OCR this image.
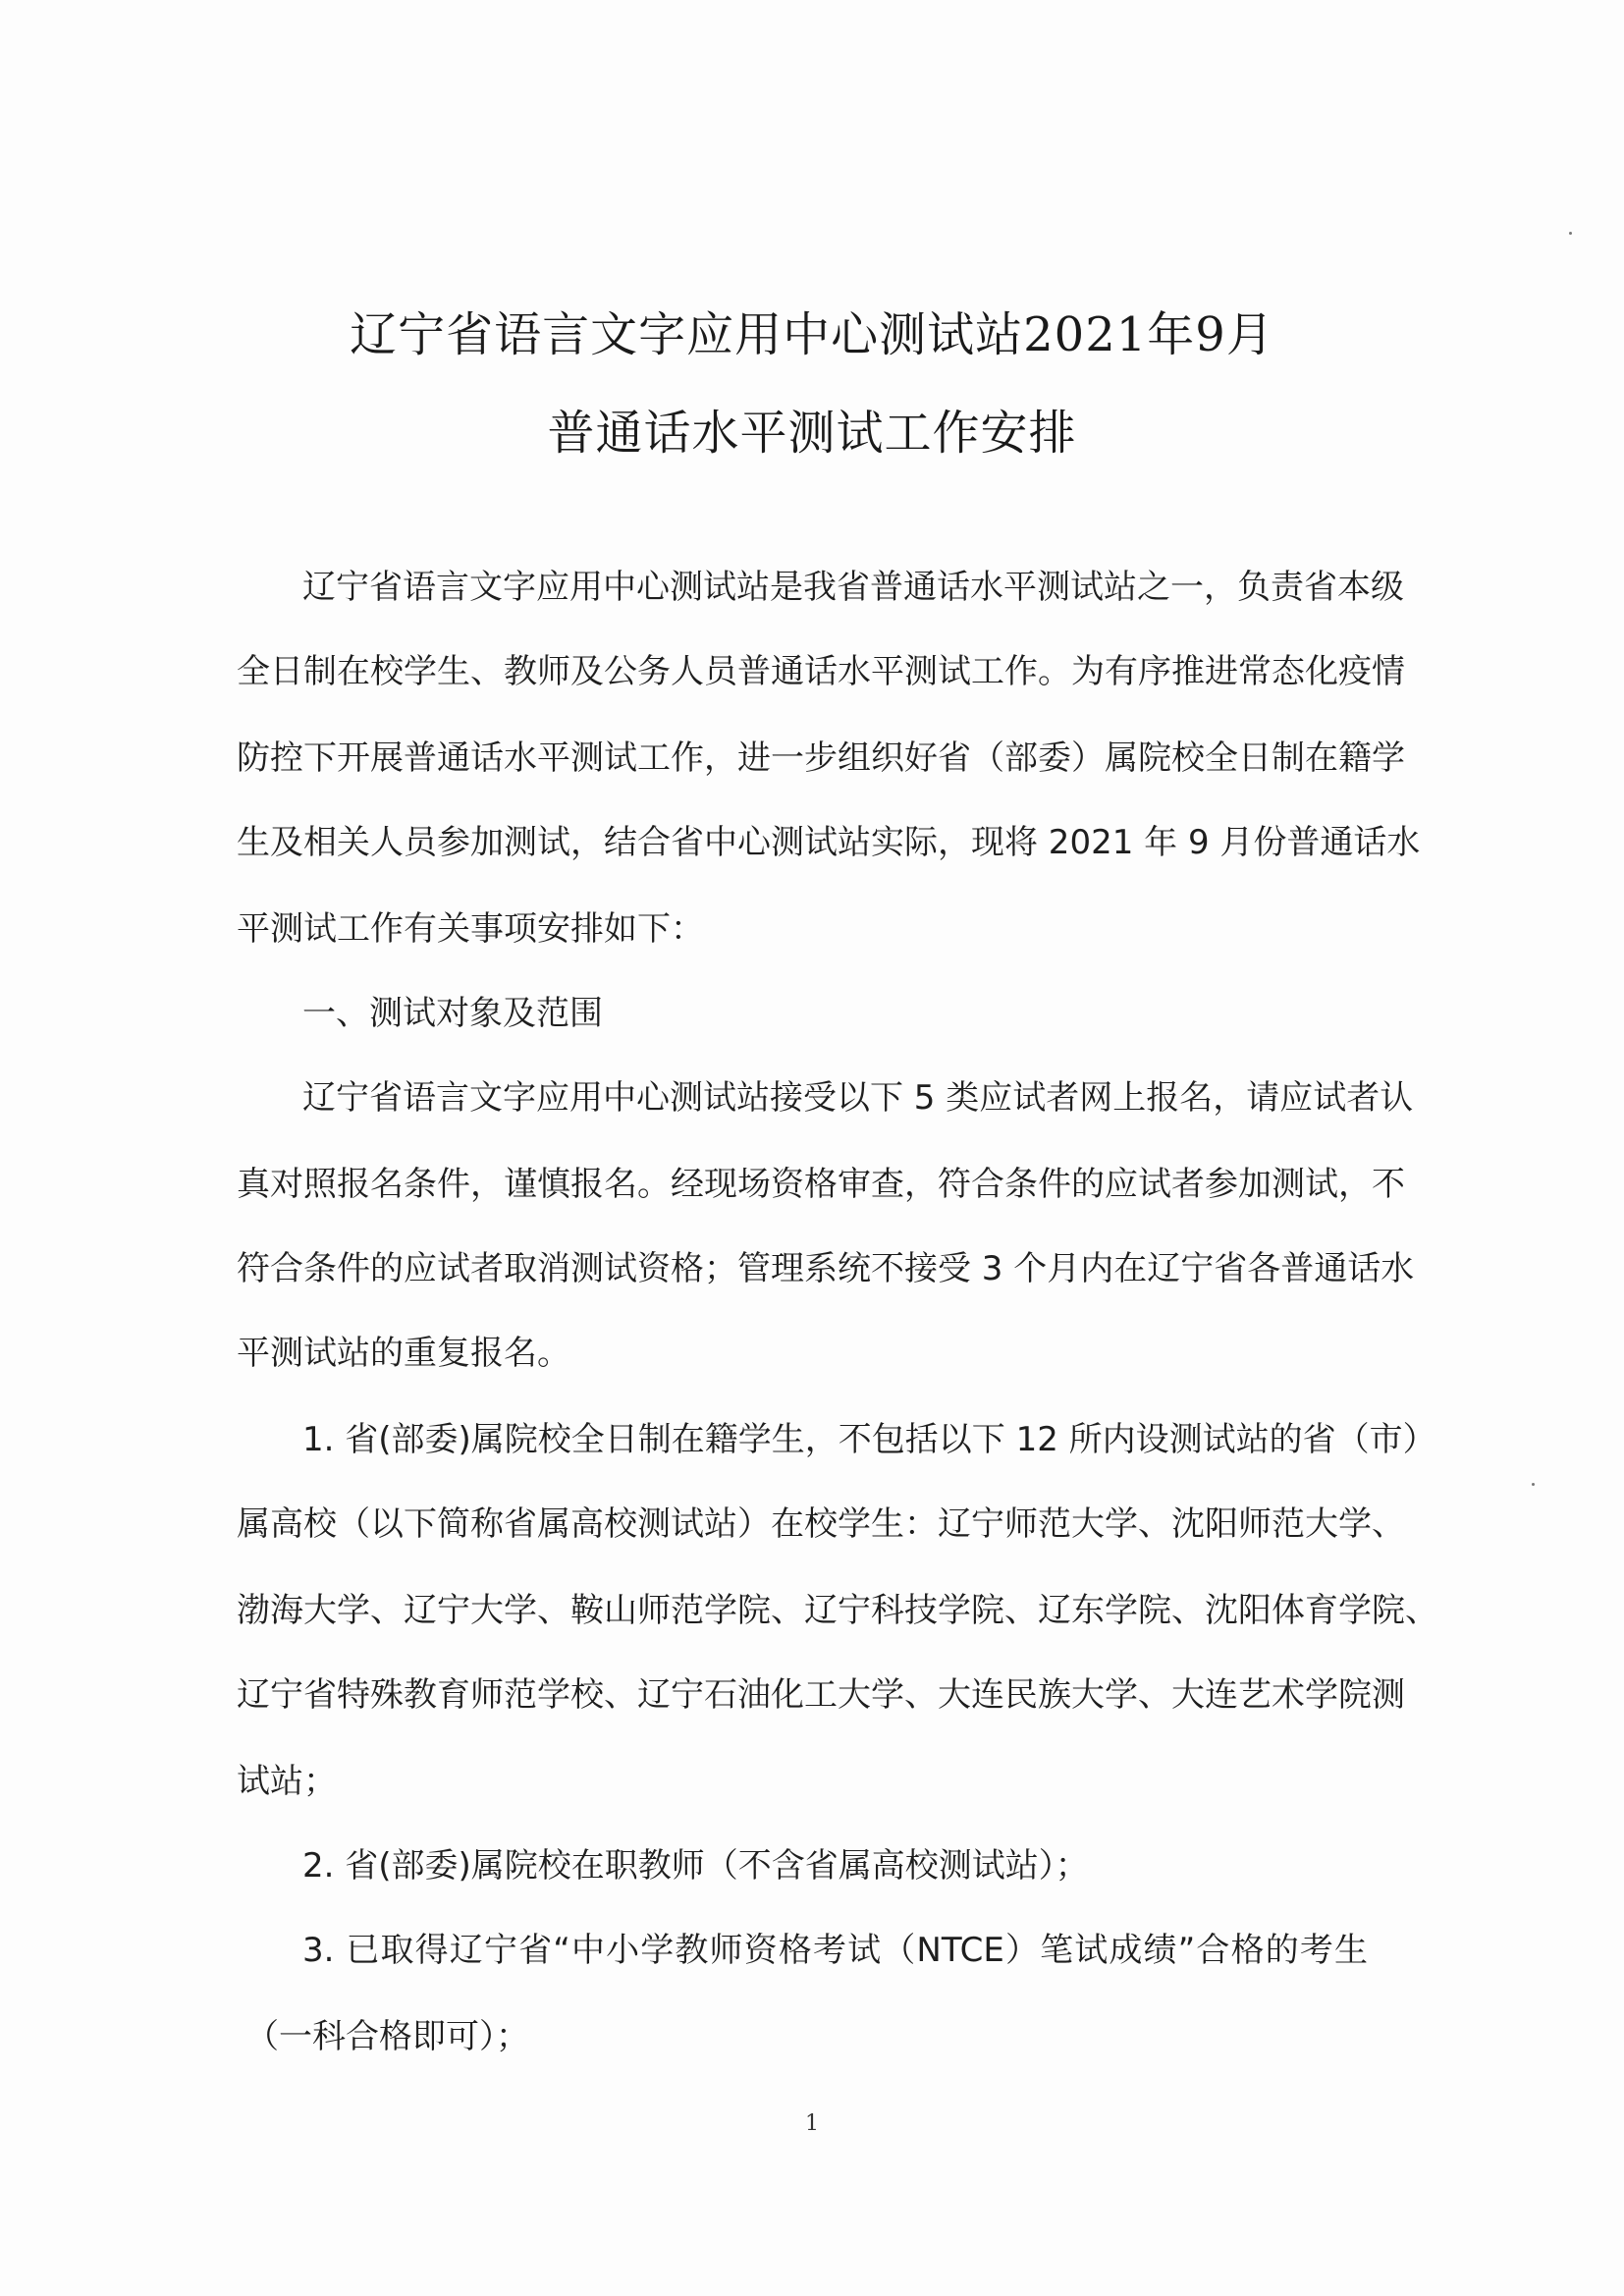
辽宁省语言文字应用中心测试站2021年9月
普通话水平测试工作安排
辽宁省语言文字应用中心测试站是我省普通话水平测试站之一，负责省本级
全日制在校学生、教师及公务人员普通话水平测试工作。为有序推进常态化疫情
防控下开展普通话水平测试工作，进一步组织好省（部委）属院校全日制在籍学
生及相关人员参加测试，结合省中心测试站实际，现将 2021 年 9 月份普通话水
平测试工作有关事项安排如下：
一、测试对象及范围
辽宁省语言文字应用中心测试站接受以下 5 类应试者网上报名，请应试者认
真对照报名条件，谨慎报名。经现场资格审查，符合条件的应试者参加测试，不
符合条件的应试者取消测试资格；管理系统不接受 3 个月内在辽宁省各普通话水
平测试站的重复报名。
1. 省(部委)属院校全日制在籍学生，不包括以下 12 所内设测试站的省（市）
属高校（以下简称省属高校测试站）在校学生：辽宁师范大学、沈阳师范大学、
渤海大学、辽宁大学、鞍山师范学院、辽宁科技学院、辽东学院、沈阳体育学院、
辽宁省特殊教育师范学校、辽宁石油化工大学、大连民族大学、大连艺术学院测
试站；
2. 省(部委)属院校在职教师（不含省属高校测试站）；
3. 已取得辽宁省“中小学教师资格考试（NTCE）笔试成绩”合格的考生
（一科合格即可）；
1
